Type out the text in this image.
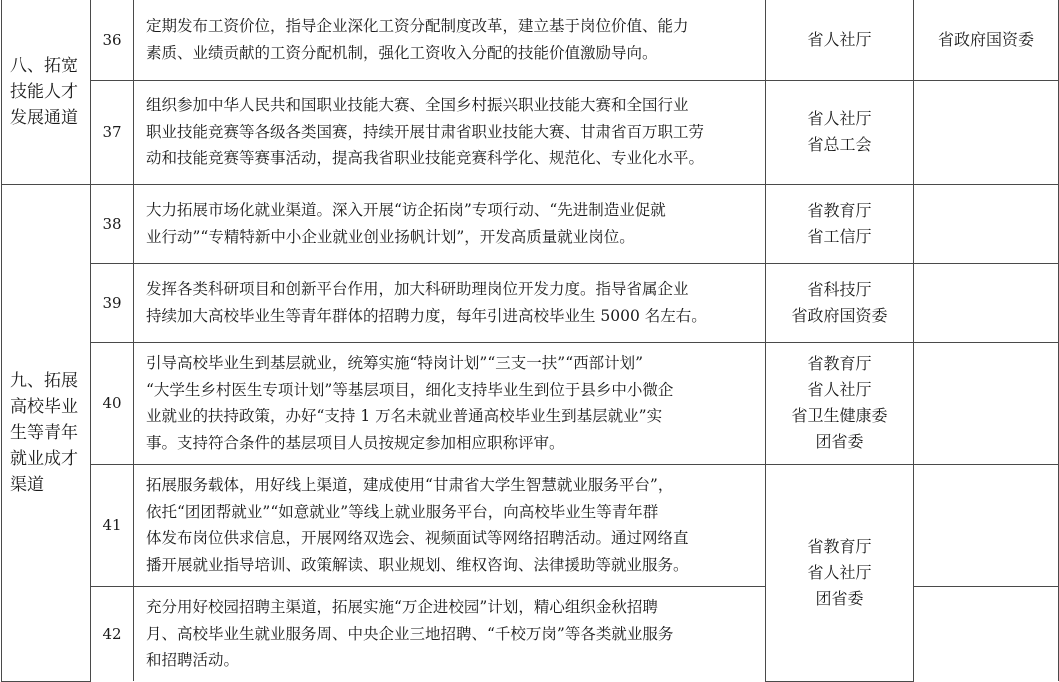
八、拓宽
技能人才
发展通道	36	定期发布工资价位，指导企业深化工资分配制度改革，建立基于岗位价值、能力
素质、业绩贡献的工资分配机制，强化工资收入分配的技能价值激励导向。	省人社厅	省政府国资委
	37	组织参加中华人民共和国职业技能大赛、全国乡村振兴职业技能大赛和全国行业
职业技能竞赛等各级各类国赛，持续开展甘肃省职业技能大赛、甘肃省百万职工劳
动和技能竞赛等赛事活动，提高我省职业技能竞赛科学化、规范化、专业化水平。	省人社厅
省总工会	

九、拓展
高校毕业
生等青年
就业成才
渠道	38	大力拓展市场化就业渠道。深入开展“访企拓岗”专项行动、“先进制造业促就
业行动”“专精特新中小企业就业创业扬帆计划”，开发高质量就业岗位。	省教育厅
省工信厅	

	39	发挥各类科研项目和创新平台作用，加大科研助理岗位开发力度。指导省属企业
持续加大高校毕业生等青年群体的招聘力度，每年引进高校毕业生 5000 名左右。	省科技厅
省政府国资委	

	40	引导高校毕业生到基层就业，统筹实施“特岗计划”“三支一扶”“西部计划”
“大学生乡村医生专项计划”等基层项目，细化支持毕业生到位于县乡中小微企
业就业的扶持政策，办好“支持 1 万名未就业普通高校毕业生到基层就业”实
事。支持符合条件的基层项目人员按规定参加相应职称评审。	省教育厅
省人社厅
省卫生健康委
团省委	

	41	拓展服务载体，用好线上渠道，建成使用“甘肃省大学生智慧就业服务平台”，
依托“团团帮就业”“如意就业”等线上就业服务平台，向高校毕业生等青年群
体发布岗位供求信息，开展网络双选会、视频面试等网络招聘活动。通过网络直
播开展就业指导培训、政策解读、职业规划、维权咨询、法律援助等就业服务。	省教育厅
省人社厅
团省委	

	42	充分用好校园招聘主渠道，拓展实施“万企进校园”计划，精心组织金秋招聘
月、高校毕业生就业服务周、中央企业三地招聘、“千校万岗”等各类就业服务
和招聘活动。		
